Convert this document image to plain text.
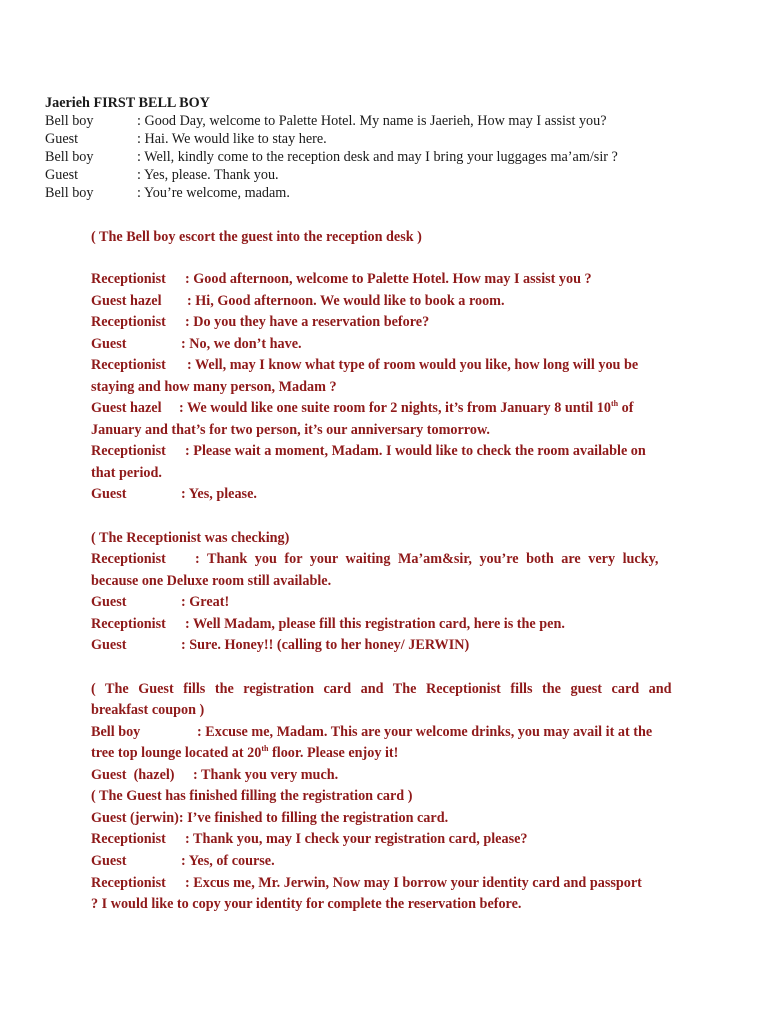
Jaerieh FIRST BELL BOY
Bell boy	: Good Day, welcome to Palette Hotel. My name is Jaerieh, How may I assist you?
Guest	: Hai. We would like to stay here.
Bell boy	: Well, kindly come to the reception desk and may I bring your luggages ma’am/sir ?
Guest	: Yes, please. Thank you.
Bell boy	: You’re welcome, madam.
( The Bell boy escort the guest into the reception desk )
Receptionist : Good afternoon, welcome to Palette Hotel. How may I assist you ?
Guest hazel : Hi, Good afternoon. We would like to book a room.
Receptionist : Do you they have a reservation before?
Guest	: No, we don’t have.
Receptionist : Well, may I know what type of room would you like, how long will you be
staying and how many person, Madam ?
Guest hazel : We would like one suite room for 2 nights, it’s from January 8 until 10th of
January and that’s for two person, it’s our anniversary tomorrow.
Receptionist : Please wait a moment, Madam. I would like to check the room available on
that period.
Guest	: Yes, please.
( The Receptionist was checking)
Receptionist : Thank you for your waiting Ma’am&sir, you’re both are very lucky,
because one Deluxe room still available.
Guest	: Great!
Receptionist : Well Madam, please fill this registration card, here is the pen.
Guest	: Sure. Honey!! (calling to her honey/ JERWIN)
( The Guest fills the registration card and The Receptionist fills the guest card and
breakfast coupon )
Bell boy	: Excuse me, Madam. This are your welcome drinks, you may avail it at the
tree top lounge located at 20th floor. Please enjoy it!
Guest  (hazel) : Thank you very much.
( The Guest has finished filling the registration card )
Guest (jerwin): I’ve finished to filling the registration card.
Receptionist : Thank you, may I check your registration card, please?
Guest	: Yes, of course.
Receptionist : Excus me, Mr. Jerwin, Now may I borrow your identity card and passport
? I would like to copy your identity for complete the reservation before.
